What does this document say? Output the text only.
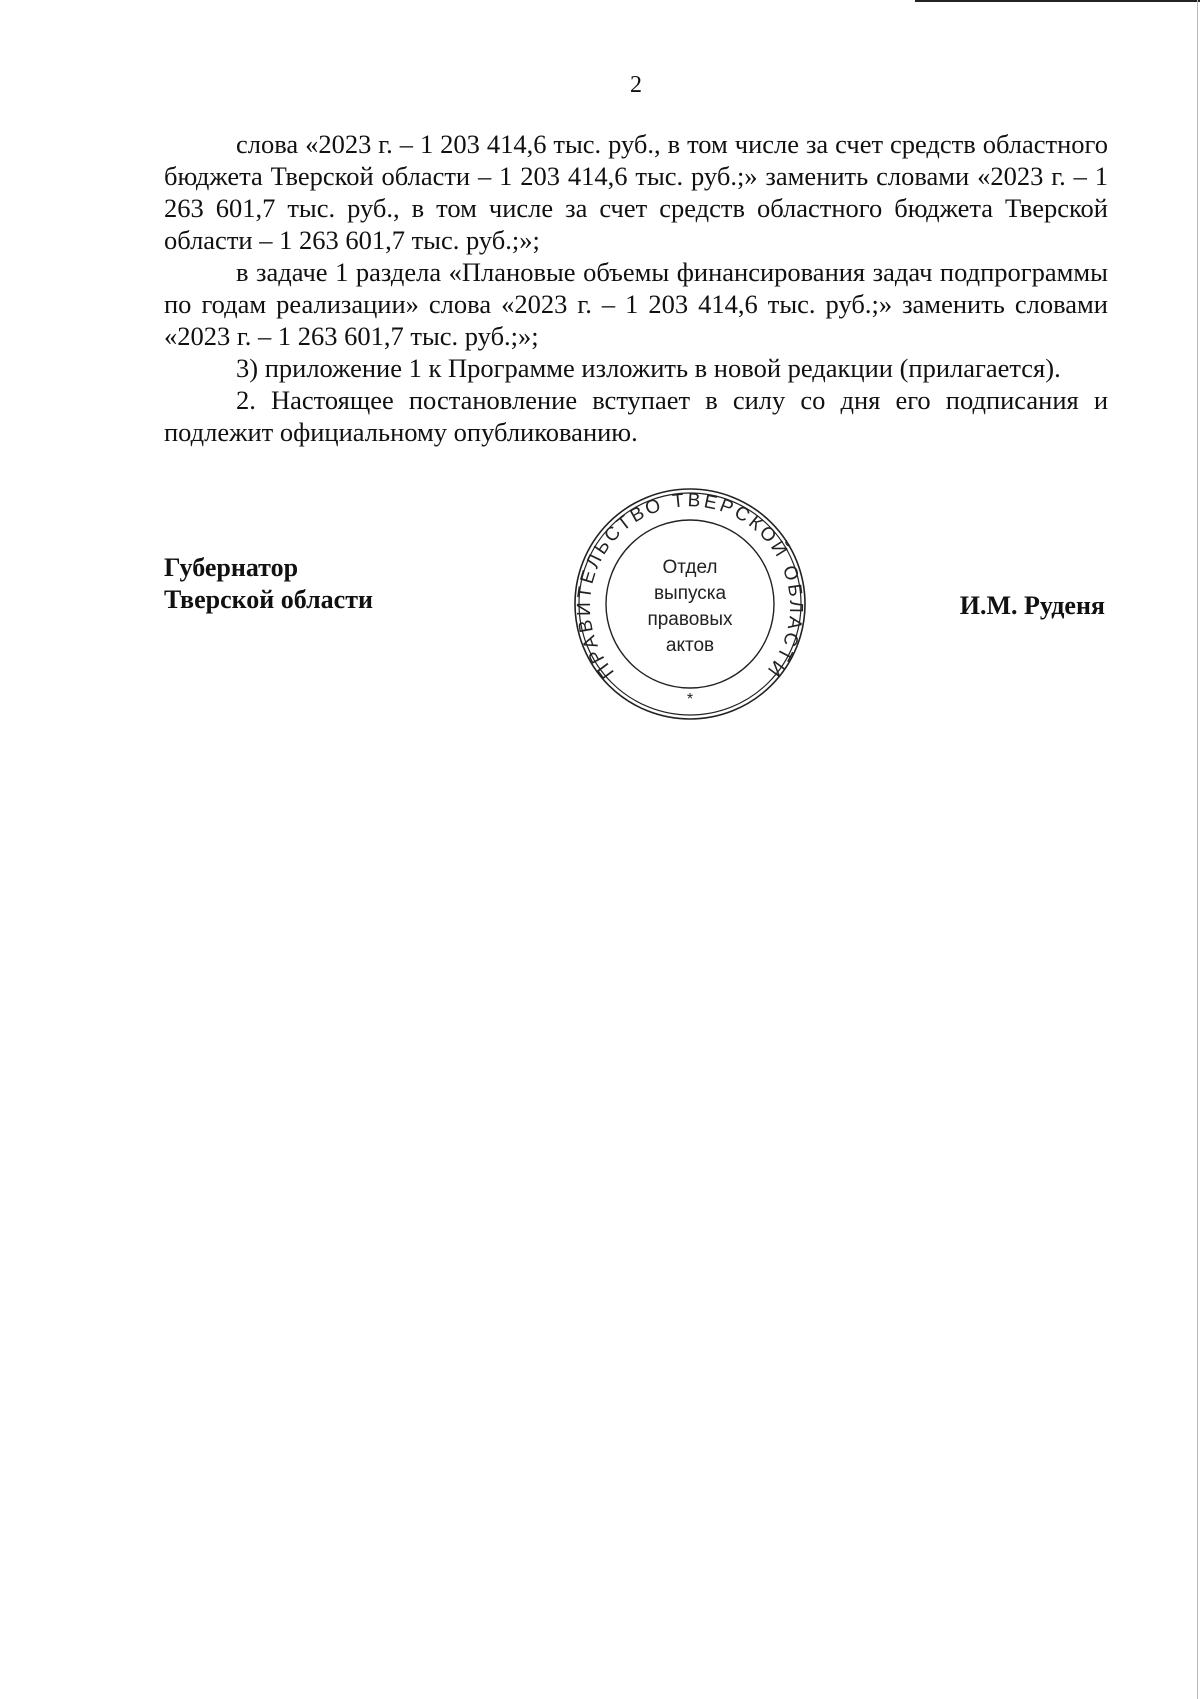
2

слова «2023 г. – 1 203 414,6 тыс. руб., в том числе за счет средств областного бюджета Тверской области – 1 203 414,6 тыс. руб.;» заменить словами «2023 г. – 1 263 601,7 тыс. руб., в том числе за счет средств областного бюджета Тверской области – 1 263 601,7 тыс. руб.;»;

в задаче 1 раздела «Плановые объемы финансирования задач подпрограммы по годам реализации» слова «2023 г. – 1 203 414,6 тыс. руб.;» заменить словами «2023 г. – 1 263 601,7 тыс. руб.;»;

3) приложение 1 к Программе изложить в новой редакции (прилагается).

2. Настоящее постановление вступает в силу со дня его подписания и подлежит официальному опубликованию.

Губернатор
Тверской области

ПРАВИТЕЛЬСТВО ТВЕРСКОЙ ОБЛАСТИ
*
Отдел
выпуска
правовых
актов

И.М. Руденя
